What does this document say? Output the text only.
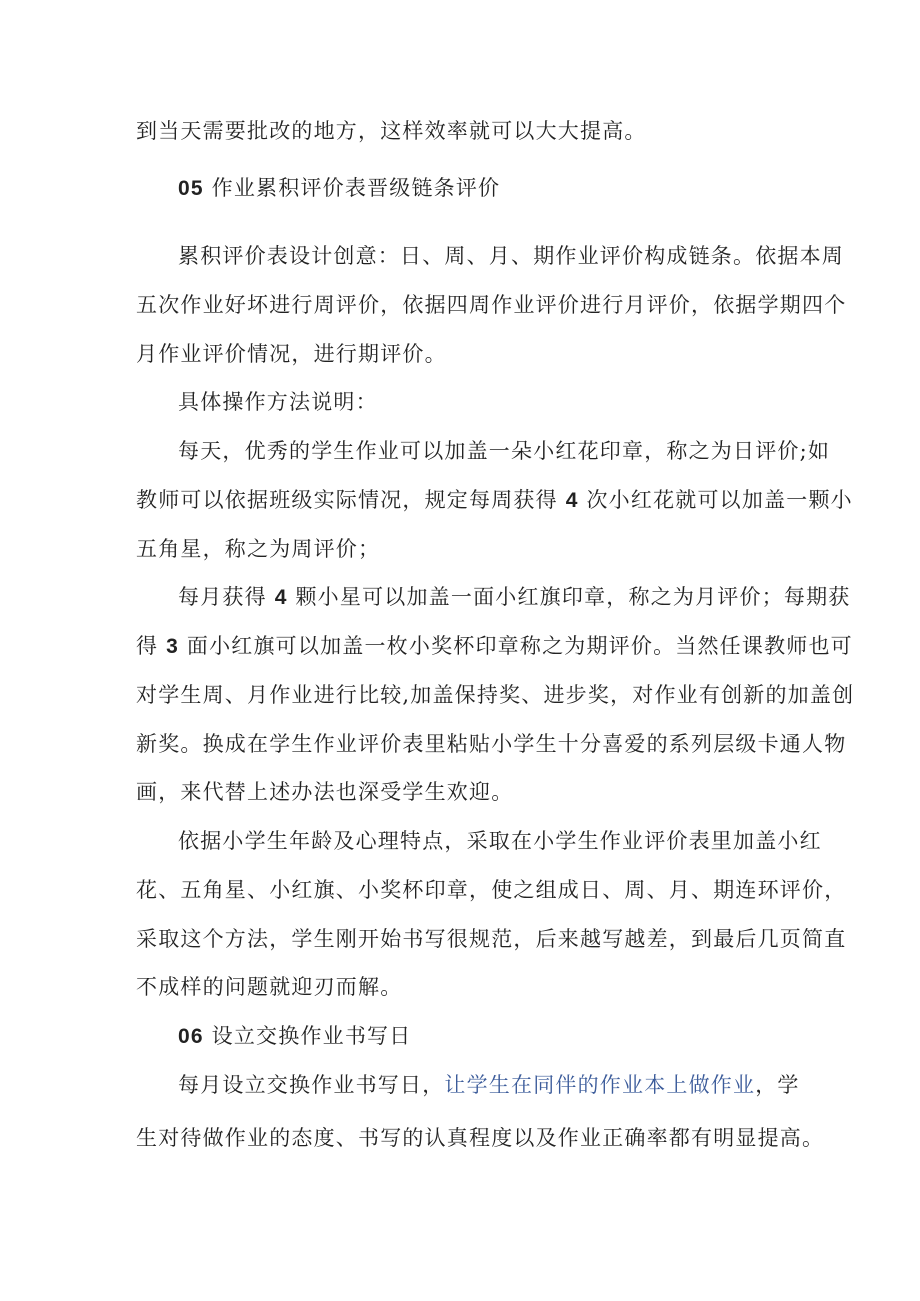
到当天需要批改的地方，这样效率就可以大大提高。
05 作业累积评价表晋级链条评价
累积评价表设计创意：日、周、月、期作业评价构成链条。依据本周
五次作业好坏进行周评价，依据四周作业评价进行月评价，依据学期四个
月作业评价情况，进行期评价。
具体操作方法说明：
每天，优秀的学生作业可以加盖一朵小红花印章，称之为日评价;如
教师可以依据班级实际情况，规定每周获得 4 次小红花就可以加盖一颗小
五角星，称之为周评价；
每月获得 4 颗小星可以加盖一面小红旗印章，称之为月评价；每期获
得 3 面小红旗可以加盖一枚小奖杯印章称之为期评价。当然任课教师也可
对学生周、月作业进行比较,加盖保持奖、进步奖，对作业有创新的加盖创
新奖。换成在学生作业评价表里粘贴小学生十分喜爱的系列层级卡通人物
画，来代替上述办法也深受学生欢迎。
依据小学生年龄及心理特点，采取在小学生作业评价表里加盖小红
花、五角星、小红旗、小奖杯印章，使之组成日、周、月、期连环评价，
采取这个方法，学生刚开始书写很规范，后来越写越差，到最后几页简直
不成样的问题就迎刃而解。
06 设立交换作业书写日
每月设立交换作业书写日，让学生在同伴的作业本上做作业，学
生对待做作业的态度、书写的认真程度以及作业正确率都有明显提高。
